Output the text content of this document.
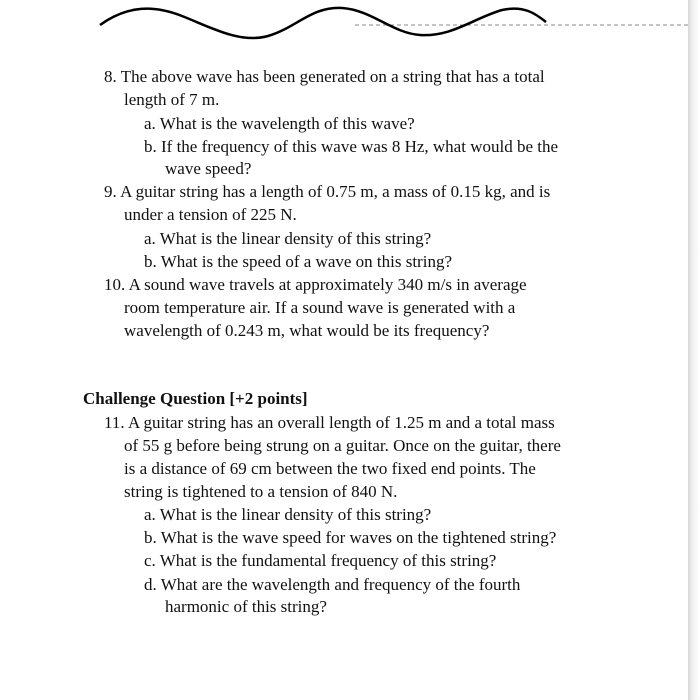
8. The above wave has been generated on a string that has a total
length of 7 m.
a. What is the wavelength of this wave?
b. If the frequency of this wave was 8 Hz, what would be the
wave speed?
9. A guitar string has a length of 0.75 m, a mass of 0.15 kg, and is
under a tension of 225 N.
a. What is the linear density of this string?
b. What is the speed of a wave on this string?
10. A sound wave travels at approximately 340 m/s in average
room temperature air. If a sound wave is generated with a
wavelength of 0.243 m, what would be its frequency?
Challenge Question [+2 points]
11. A guitar string has an overall length of 1.25 m and a total mass
of 55 g before being strung on a guitar. Once on the guitar, there
is a distance of 69 cm between the two fixed end points. The
string is tightened to a tension of 840 N.
a. What is the linear density of this string?
b. What is the wave speed for waves on the tightened string?
c. What is the fundamental frequency of this string?
d. What are the wavelength and frequency of the fourth
harmonic of this string?
